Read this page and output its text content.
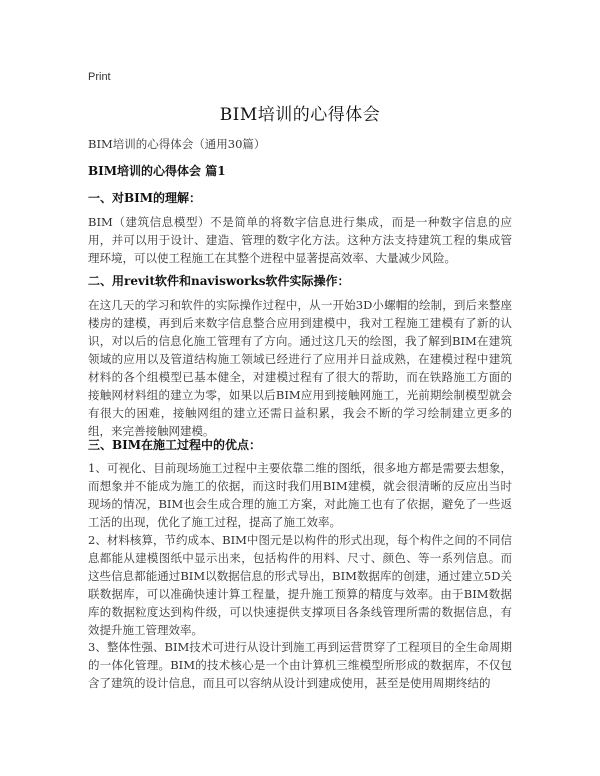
Print
BIM培训的心得体会
BIM培训的心得体会（通用30篇）
BIM培训的心得体会 篇1
一、对BIM的理解：
BIM（建筑信息模型）不是简单的将数字信息进行集成，而是一种数字信息的应用，并可以用于设计、建造、管理的数字化方法。这种方法支持建筑工程的集成管理环境，可以使工程施工在其整个进程中显著提高效率、大量减少风险。
二、用revit软件和navisworks软件实际操作：
在这几天的学习和软件的实际操作过程中，从一开始3D小螺帽的绘制，到后来整座楼房的建模，再到后来数字信息整合应用到建模中，我对工程施工建模有了新的认识，对以后的信息化施工管理有了方向。通过这几天的绘图，我了解到BIM在建筑领域的应用以及管道结构施工领域已经进行了应用并日益成熟，在建模过程中建筑材料的各个组模型已基本健全，对建模过程有了很大的帮助，而在铁路施工方面的接触网材料组的建立为零，如果以后BIM应用到接触网施工，光前期绘制模型就会有很大的困难，接触网组的建立还需日益积累，我会不断的学习绘制建立更多的组，来完善接触网建模。
三、BIM在施工过程中的优点：
1、可视化、目前现场施工过程中主要依靠二维的图纸，很多地方都是需要去想象，而想象并不能成为施工的依据，而这时我们用BIM建模，就会很清晰的反应出当时现场的情况，BIM也会生成合理的施工方案，对此施工也有了依据，避免了一些返工活的出现，优化了施工过程，提高了施工效率。
2、材料核算，节约成本、BIM中图元是以构件的形式出现，每个构件之间的不同信息都能从建模图纸中显示出来，包括构件的用料、尺寸、颜色、等一系列信息。而这些信息都能通过BIM以数据信息的形式导出，BIM数据库的创建，通过建立5D关联数据库，可以准确快速计算工程量，提升施工预算的精度与效率。由于BIM数据库的数据粒度达到构件级，可以快速提供支撑项目各条线管理所需的数据信息，有效提升施工管理效率。
3、整体性强、BIM技术可进行从设计到施工再到运营贯穿了工程项目的全生命周期的一体化管理。BIM的技术核心是一个由计算机三维模型所形成的数据库，不仅包含了建筑的设计信息，而且可以容纳从设计到建成使用，甚至是使用周期终结的
